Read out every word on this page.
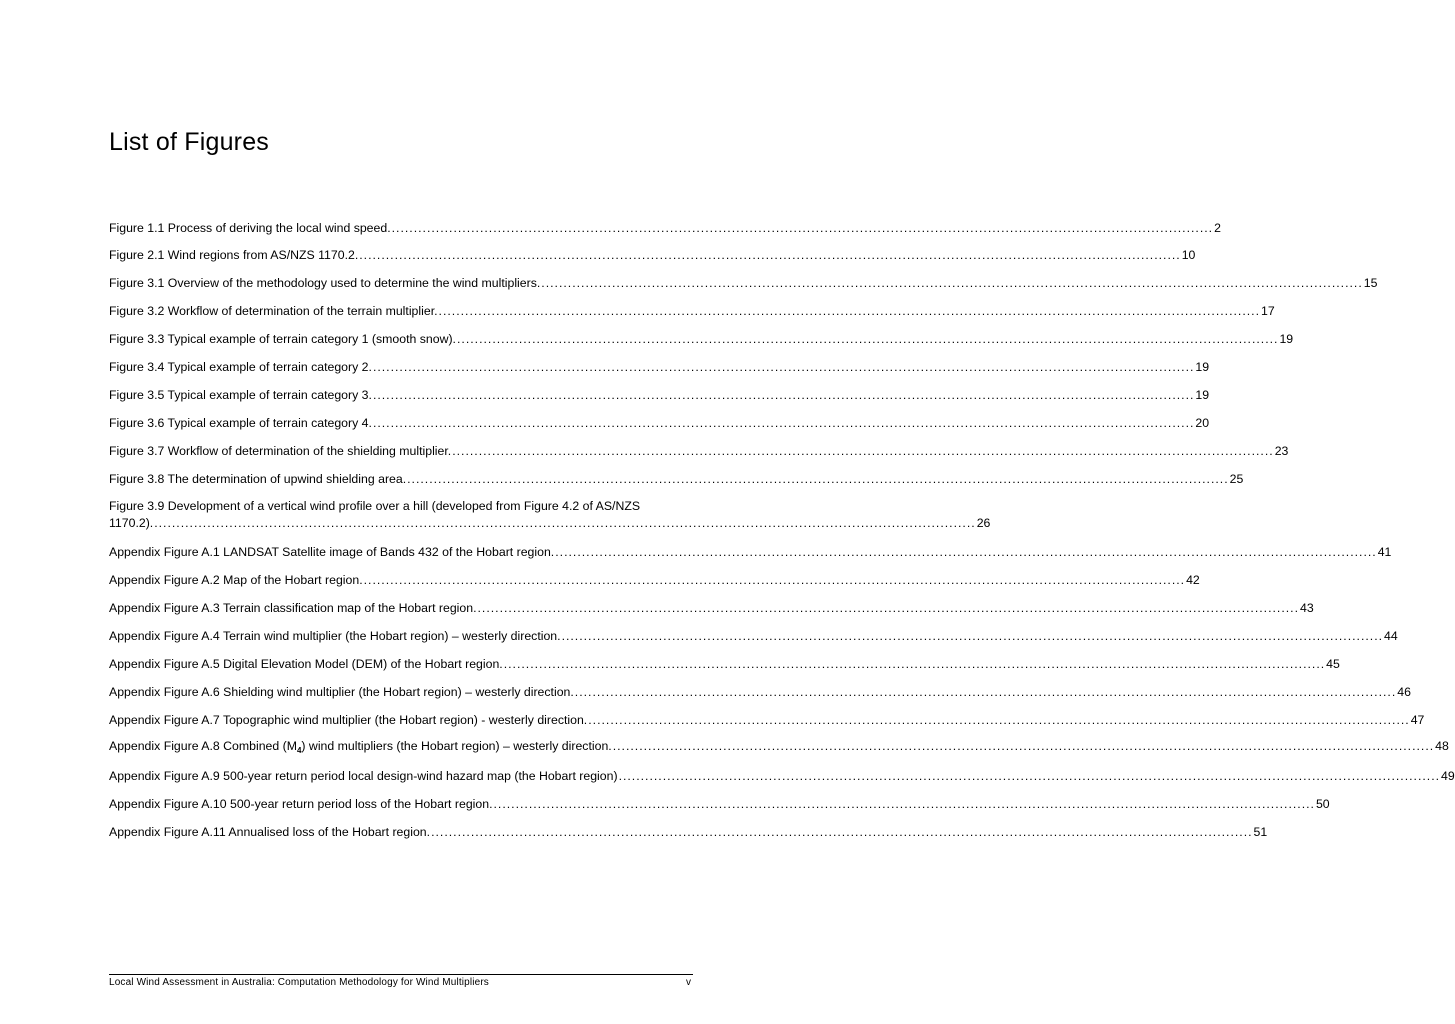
List of Figures
Figure 1.1 Process of deriving the local wind speed. .......................................................................................................................................................................................... 2
Figure 2.1 Wind regions from AS/NZS 1170.2. .......................................................................................................................................................................................... 10
Figure 3.1 Overview of the methodology used to determine the wind multipliers. .......................................................................................................................................................................................... 15
Figure 3.2 Workflow of determination of the terrain multiplier. .......................................................................................................................................................................................... 17
Figure 3.3 Typical example of terrain category 1 (smooth snow). .......................................................................................................................................................................................... 19
Figure 3.4 Typical example of terrain category 2. .......................................................................................................................................................................................... 19
Figure 3.5 Typical example of terrain category 3. .......................................................................................................................................................................................... 19
Figure 3.6 Typical example of terrain category 4. .......................................................................................................................................................................................... 20
Figure 3.7 Workflow of determination of the shielding multiplier. .......................................................................................................................................................................................... 23
Figure 3.8 The determination of upwind shielding area. .......................................................................................................................................................................................... 25
Figure 3.9 Development of a vertical wind profile over a hill (developed from Figure 4.2 of AS/NZS
1170.2). .......................................................................................................................................................................................... 26
Appendix Figure A.1 LANDSAT Satellite image of Bands 432 of the Hobart region. .......................................................................................................................................................................................... 41
Appendix Figure A.2 Map of the Hobart region. .......................................................................................................................................................................................... 42
Appendix Figure A.3 Terrain classification map of the Hobart region. .......................................................................................................................................................................................... 43
Appendix Figure A.4 Terrain wind multiplier (the Hobart region) – westerly direction. .......................................................................................................................................................................................... 44
Appendix Figure A.5 Digital Elevation Model (DEM) of the Hobart region. .......................................................................................................................................................................................... 45
Appendix Figure A.6 Shielding wind multiplier (the Hobart region) – westerly direction. .......................................................................................................................................................................................... 46
Appendix Figure A.7 Topographic wind multiplier (the Hobart region) - westerly direction. .......................................................................................................................................................................................... 47
Appendix Figure A.8 Combined $(M_4)$ wind multipliers (the Hobart region) – westerly direction. .......................................................................................................................................................................................... 48
Appendix Figure A.9 500-year return period local design-wind hazard map (the Hobart region) .......................................................................................................................................................................................... 49
Appendix Figure A.10 500-year return period loss of the Hobart region. .......................................................................................................................................................................................... 50
Appendix Figure A.11 Annualised loss of the Hobart region. .......................................................................................................................................................................................... 51
Local Wind Assessment in Australia: Computation Methodology for Wind Multipliers	v
